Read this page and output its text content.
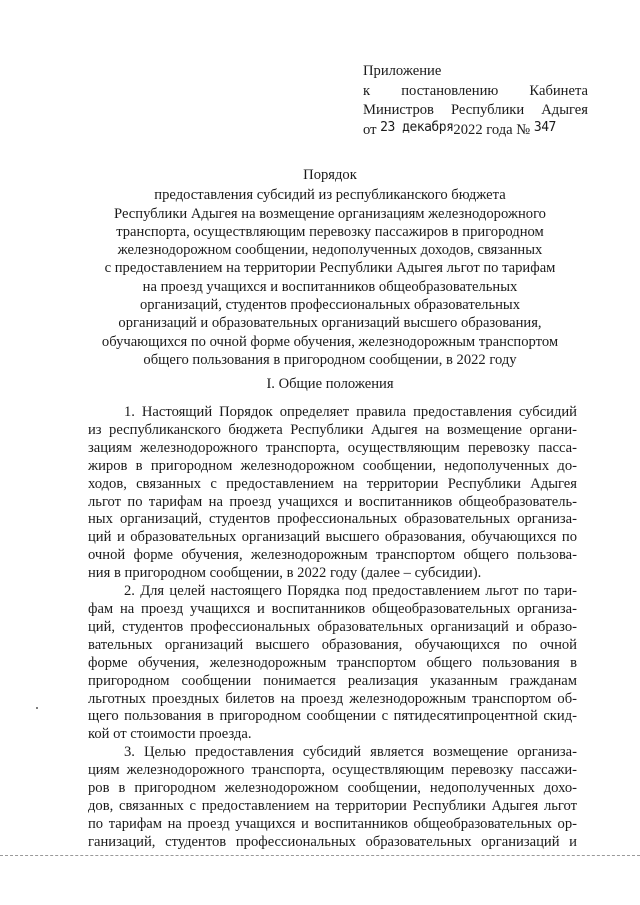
Приложение
к постановлению Кабинета
Министров Республики Адыгея
от 23 декабря2022 года № 347
Порядок
предоставления субсидий из республиканского бюджета
Республики Адыгея на возмещение организациям железнодорожного
транспорта, осуществляющим перевозку пассажиров в пригородном
железнодорожном сообщении, недополученных доходов, связанных
с предоставлением на территории Республики Адыгея льгот по тарифам
на проезд учащихся и воспитанников общеобразовательных
организаций, студентов профессиональных образовательных
организаций и образовательных организаций высшего образования,
обучающихся по очной форме обучения, железнодорожным транспортом
общего пользования в пригородном сообщении, в 2022 году
I. Общие положения
1. Настоящий Порядок определяет правила предоставления субсидий
из республиканского бюджета Республики Адыгея на возмещение органи-
зациям железнодорожного транспорта, осуществляющим перевозку пасса-
жиров в пригородном железнодорожном сообщении, недополученных до-
ходов, связанных с предоставлением на территории Республики Адыгея
льгот по тарифам на проезд учащихся и воспитанников общеобразователь-
ных организаций, студентов профессиональных образовательных организа-
ций и образовательных организаций высшего образования, обучающихся по
очной форме обучения, железнодорожным транспортом общего пользова-
ния в пригородном сообщении, в 2022 году (далее – субсидии).
2. Для целей настоящего Порядка под предоставлением льгот по тари-
фам на проезд учащихся и воспитанников общеобразовательных организа-
ций, студентов профессиональных образовательных организаций и образо-
вательных организаций высшего образования, обучающихся по очной
форме обучения, железнодорожным транспортом общего пользования в
пригородном сообщении понимается реализация указанным гражданам
льготных проездных билетов на проезд железнодорожным транспортом об-
щего пользования в пригородном сообщении с пятидесятипроцентной скид-
кой от стоимости проезда.
3. Целью предоставления субсидий является возмещение организа-
циям железнодорожного транспорта, осуществляющим перевозку пассажи-
ров в пригородном железнодорожном сообщении, недополученных дохо-
дов, связанных с предоставлением на территории Республики Адыгея льгот
по тарифам на проезд учащихся и воспитанников общеобразовательных ор-
ганизаций, студентов профессиональных образовательных организаций и
